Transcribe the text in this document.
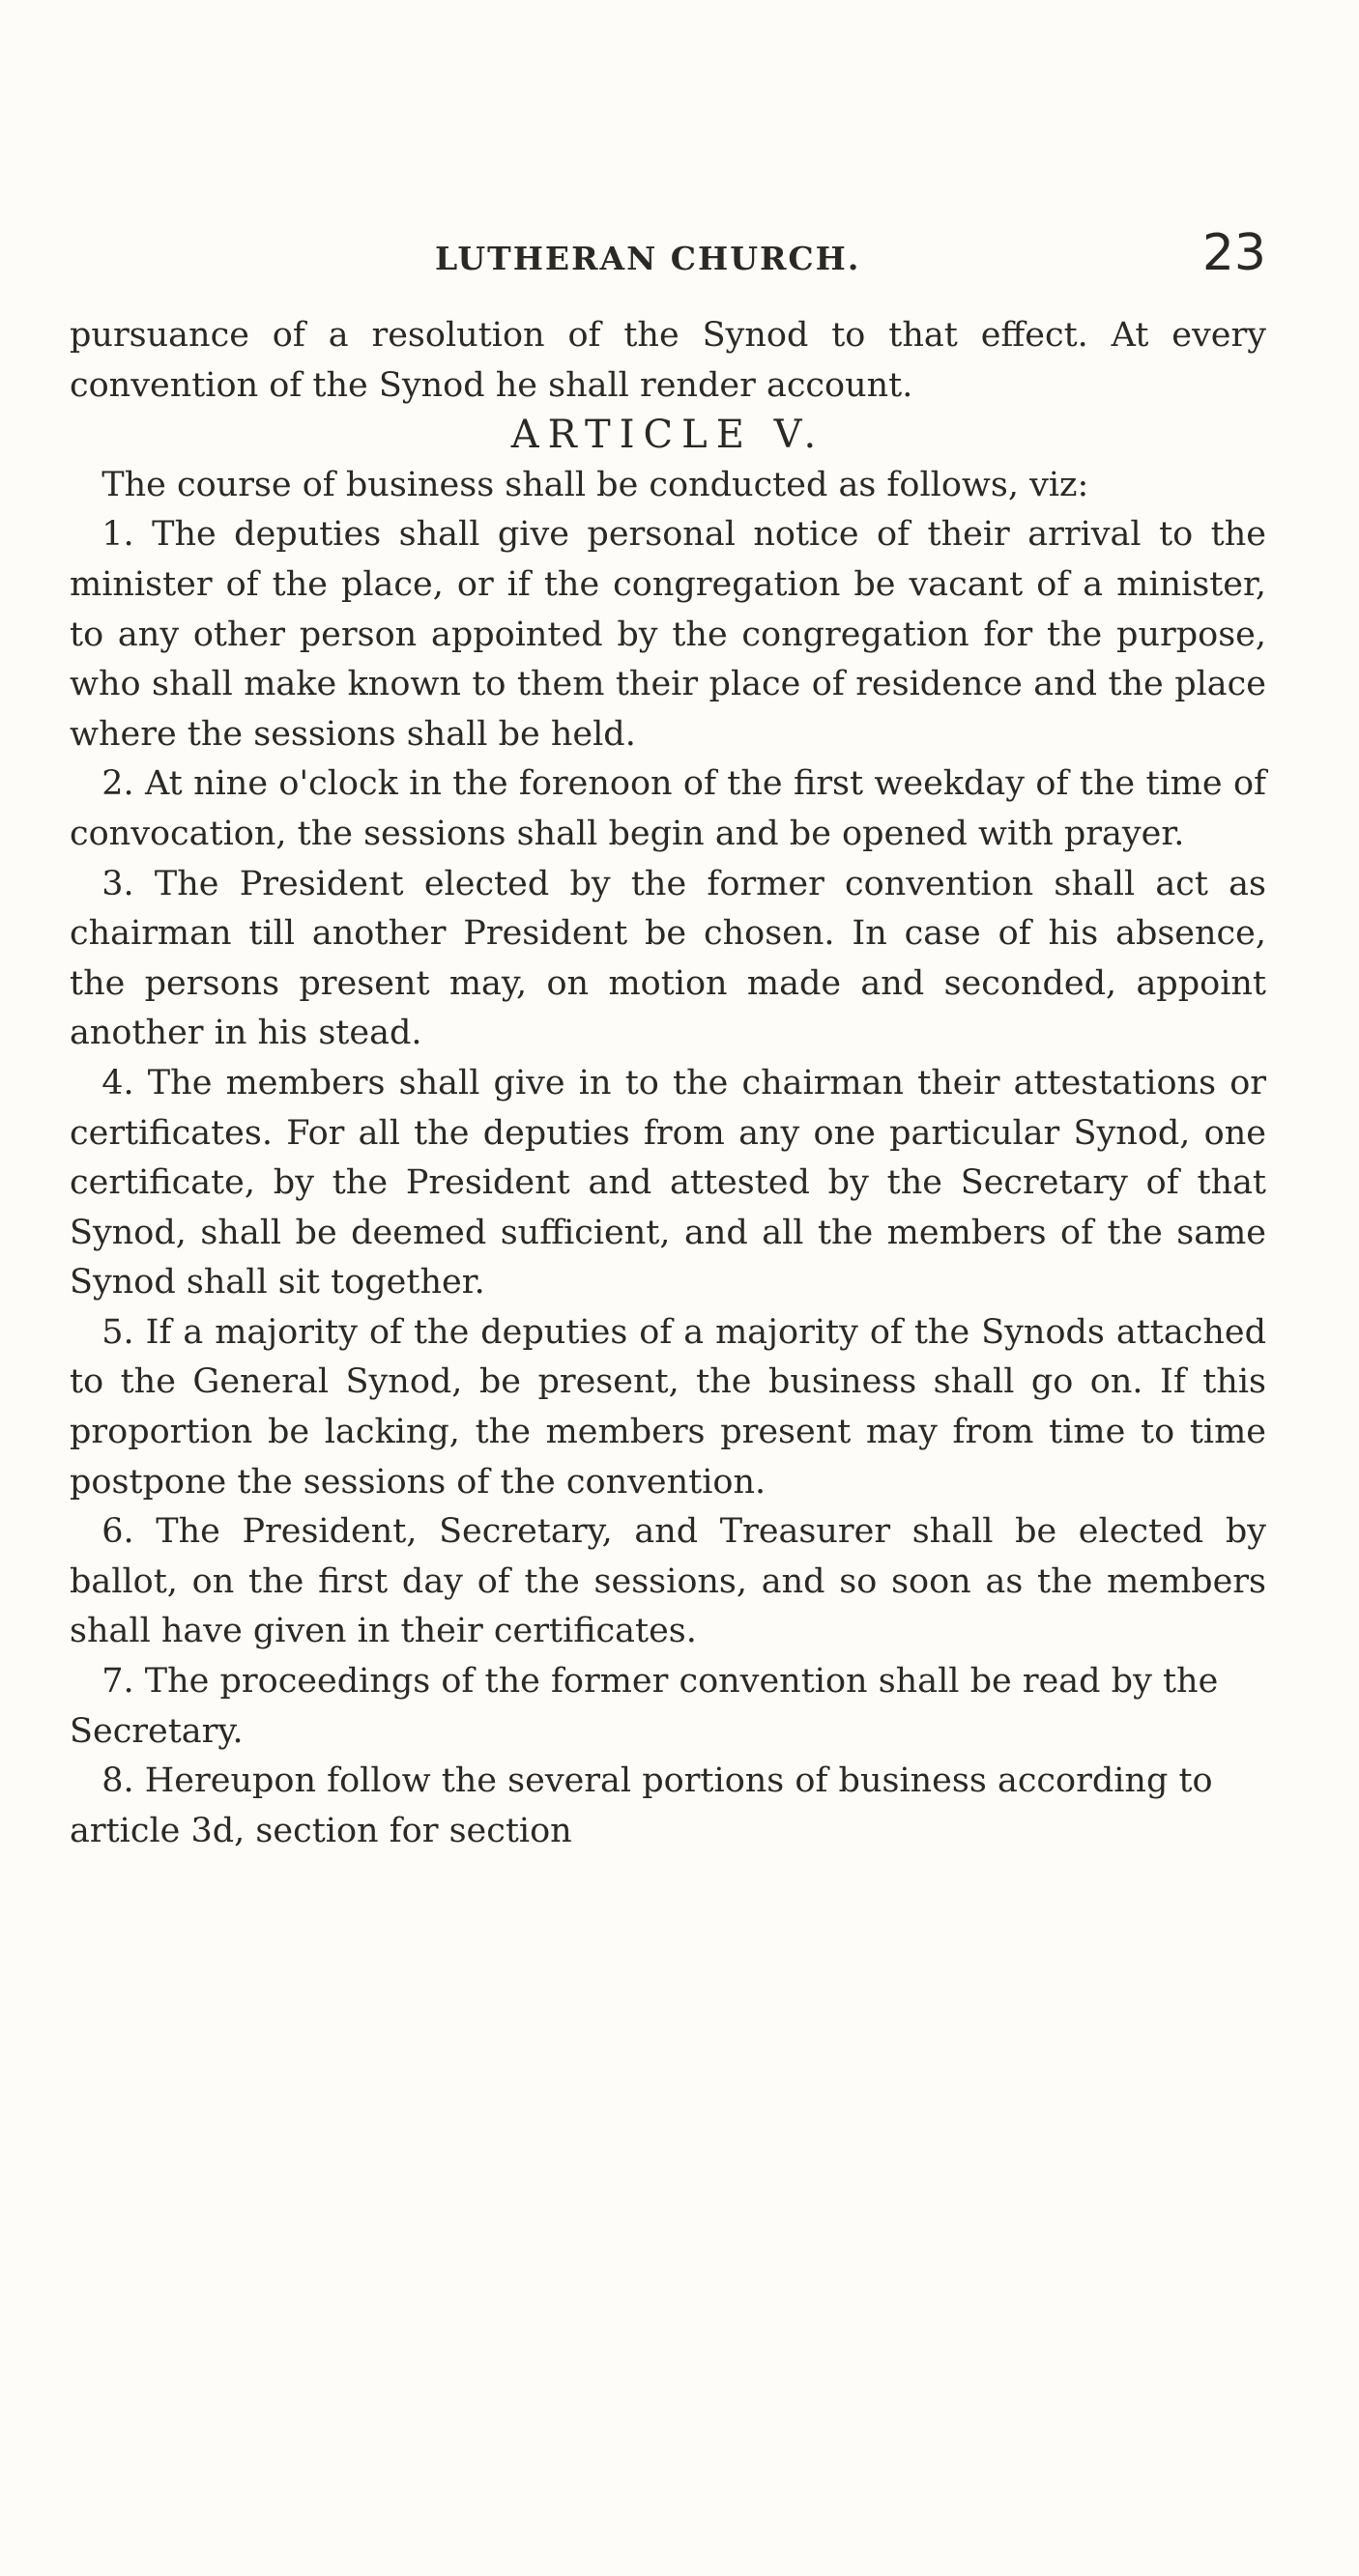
LUTHERAN CHURCH.	23

pursuance of a resolution of the Synod to that effect. At every convention of the Synod he shall render account.

ARTICLE V.

The course of business shall be conducted as follows, viz:

1. The deputies shall give personal notice of their arrival to the minister of the place, or if the congregation be vacant of a minister, to any other person appointed by the congregation for the purpose, who shall make known to them their place of residence and the place where the sessions shall be held.

2. At nine o'clock in the forenoon of the first weekday of the time of convocation, the sessions shall begin and be opened with prayer.

3. The President elected by the former convention shall act as chairman till another President be chosen. In case of his absence, the persons present may, on motion made and seconded, appoint another in his stead.

4. The members shall give in to the chairman their attestations or certificates. For all the deputies from any one particular Synod, one certificate, by the President and attested by the Secretary of that Synod, shall be deemed sufficient, and all the members of the same Synod shall sit together.

5. If a majority of the deputies of a majority of the Synods attached to the General Synod, be present, the business shall go on. If this proportion be lacking, the members present may from time to time postpone the sessions of the convention.

6. The President, Secretary, and Treasurer shall be elected by ballot, on the first day of the sessions, and so soon as the members shall have given in their certificates.

7. The proceedings of the former convention shall be read by the Secretary.

8. Hereupon follow the several portions of business according to article 3d, section for section
